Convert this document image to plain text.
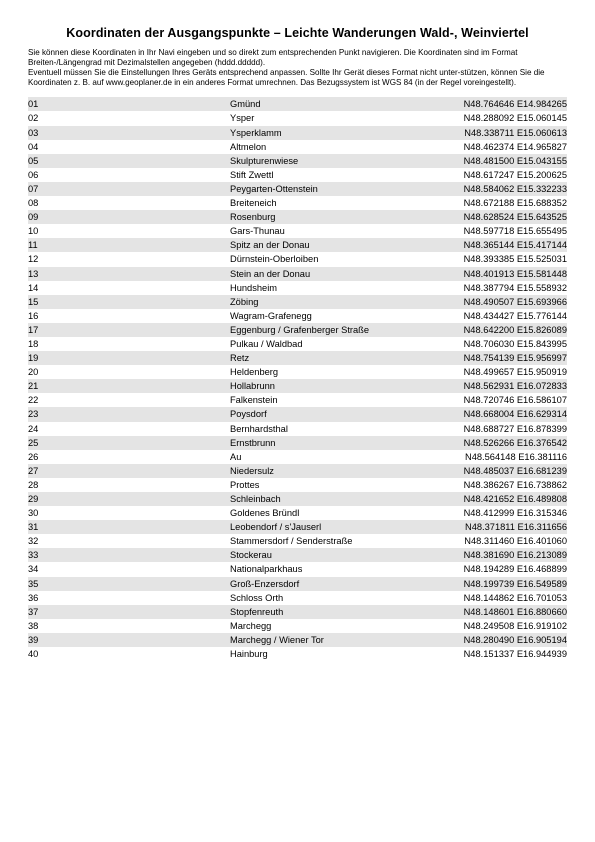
Koordinaten der Ausgangspunkte – Leichte Wanderungen Wald-, Weinviertel

Sie können diese Koordinaten in Ihr Navi eingeben und so direkt zum entsprechenden Punkt navigieren. Die Koordinaten sind im Format Breiten-/Längengrad mit Dezimalstellen angegeben (hddd.ddddd).

Eventuell müssen Sie die Einstellungen Ihres Geräts entsprechend anpassen. Sollte Ihr Gerät dieses Format nicht unter-stützen, können Sie die Koordinaten z. B. auf www.geoplaner.de in ein anderes Format umrechnen. Das Bezugssystem ist WGS 84 (in der Regel voreingestellt).

01	Gmünd	N48.764646 E14.984265
02	Ysper	N48.288092 E15.060145
03	Ysperklamm	N48.338711 E15.060613
04	Altmelon	N48.462374 E14.965827
05	Skulpturenwiese	N48.481500 E15.043155
06	Stift Zwettl	N48.617247 E15.200625
07	Peygarten-Ottenstein	N48.584062 E15.332233
08	Breiteneich	N48.672188 E15.688352
09	Rosenburg	N48.628524 E15.643525
10	Gars-Thunau	N48.597718 E15.655495
11	Spitz an der Donau	N48.365144 E15.417144
12	Dürnstein-Oberloiben	N48.393385 E15.525031
13	Stein an der Donau	N48.401913 E15.581448
14	Hundsheim	N48.387794 E15.558932
15	Zöbing	N48.490507 E15.693966
16	Wagram-Grafenegg	N48.434427 E15.776144
17	Eggenburg / Grafenberger Straße	N48.642200 E15.826089
18	Pulkau / Waldbad	N48.706030 E15.843995
19	Retz	N48.754139 E15.956997
20	Heldenberg	N48.499657 E15.950919
21	Hollabrunn	N48.562931 E16.072833
22	Falkenstein	N48.720746 E16.586107
23	Poysdorf	N48.668004 E16.629314
24	Bernhardsthal	N48.688727 E16.878399
25	Ernstbrunn	N48.526266 E16.376542
26	Au	N48.564148 E16.381116
27	Niedersulz	N48.485037 E16.681239
28	Prottes	N48.386267 E16.738862
29	Schleinbach	N48.421652 E16.489808
30	Goldenes Bründl	N48.412999 E16.315346
31	Leobendorf / s'Jauserl	N48.371811 E16.311656
32	Stammersdorf / Senderstraße	N48.311460 E16.401060
33	Stockerau	N48.381690 E16.213089
34	Nationalparkhaus	N48.194289 E16.468899
35	Groß-Enzersdorf	N48.199739 E16.549589
36	Schloss Orth	N48.144862 E16.701053
37	Stopfenreuth	N48.148601 E16.880660
38	Marchegg	N48.249508 E16.919102
39	Marchegg / Wiener Tor	N48.280490 E16.905194
40	Hainburg	N48.151337 E16.944939
